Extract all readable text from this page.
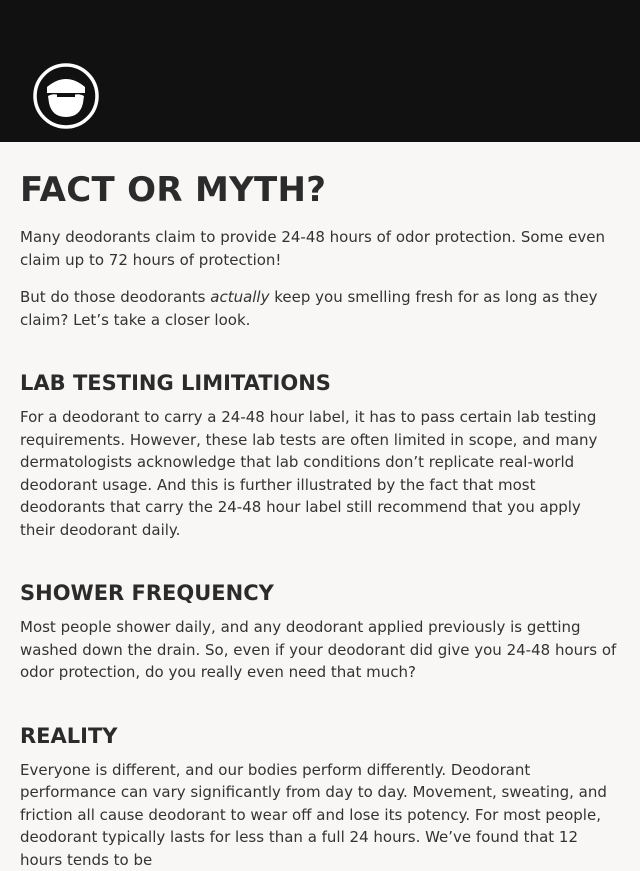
FACT OR MYTH?

Many deodorants claim to provide 24-48 hours of odor protection. Some even claim up to 72 hours of protection!

But do those deodorants actually keep you smelling fresh for as long as they claim? Let’s take a closer look.

LAB TESTING LIMITATIONS

For a deodorant to carry a 24-48 hour label, it has to pass certain lab testing requirements. However, these lab tests are often limited in scope, and many dermatologists acknowledge that lab conditions don’t replicate real-world deodorant usage. And this is further illustrated by the fact that most deodorants that carry the 24-48 hour label still recommend that you apply their deodorant daily.

SHOWER FREQUENCY

Most people shower daily, and any deodorant applied previously is getting washed down the drain. So, even if your deodorant did give you 24-48 hours of odor protection, do you really even need that much?

REALITY

Everyone is different, and our bodies perform differently. Deodorant performance can vary significantly from day to day. Movement, sweating, and friction all cause deodorant to wear off and lose its potency. For most people, deodorant typically lasts for less than a full 24 hours. We’ve found that 12 hours tends to be
